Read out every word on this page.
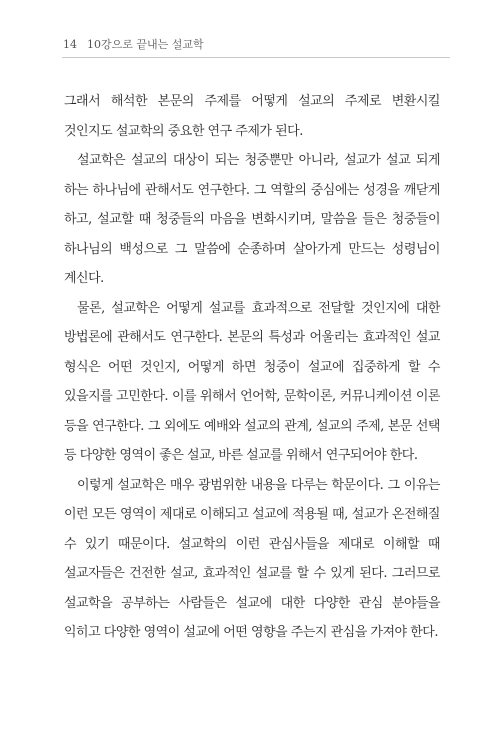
14 10강으로 끝내는 설교학

그래서 해석한 본문의 주제를 어떻게 설교의 주제로 변환시킬 것인지도 설교학의 중요한 연구 주제가 된다.

설교학은 설교의 대상이 되는 청중뿐만 아니라, 설교가 설교 되게 하는 하나님에 관해서도 연구한다. 그 역할의 중심에는 성경을 깨닫게 하고, 설교할 때 청중들의 마음을 변화시키며, 말씀을 들은 청중들이 하나님의 백성으로 그 말씀에 순종하며 살아가게 만드는 성령님이 계신다.

물론, 설교학은 어떻게 설교를 효과적으로 전달할 것인지에 대한 방법론에 관해서도 연구한다. 본문의 특성과 어울리는 효과적인 설교 형식은 어떤 것인지, 어떻게 하면 청중이 설교에 집중하게 할 수 있을지를 고민한다. 이를 위해서 언어학, 문학이론, 커뮤니케이션 이론 등을 연구한다. 그 외에도 예배와 설교의 관계, 설교의 주제, 본문 선택 등 다양한 영역이 좋은 설교, 바른 설교를 위해서 연구되어야 한다.

이렇게 설교학은 매우 광범위한 내용을 다루는 학문이다. 그 이유는 이런 모든 영역이 제대로 이해되고 설교에 적용될 때, 설교가 온전해질 수 있기 때문이다. 설교학의 이런 관심사들을 제대로 이해할 때 설교자들은 건전한 설교, 효과적인 설교를 할 수 있게 된다. 그러므로 설교학을 공부하는 사람들은 설교에 대한 다양한 관심 분야들을 익히고 다양한 영역이 설교에 어떤 영향을 주는지 관심을 가져야 한다.
